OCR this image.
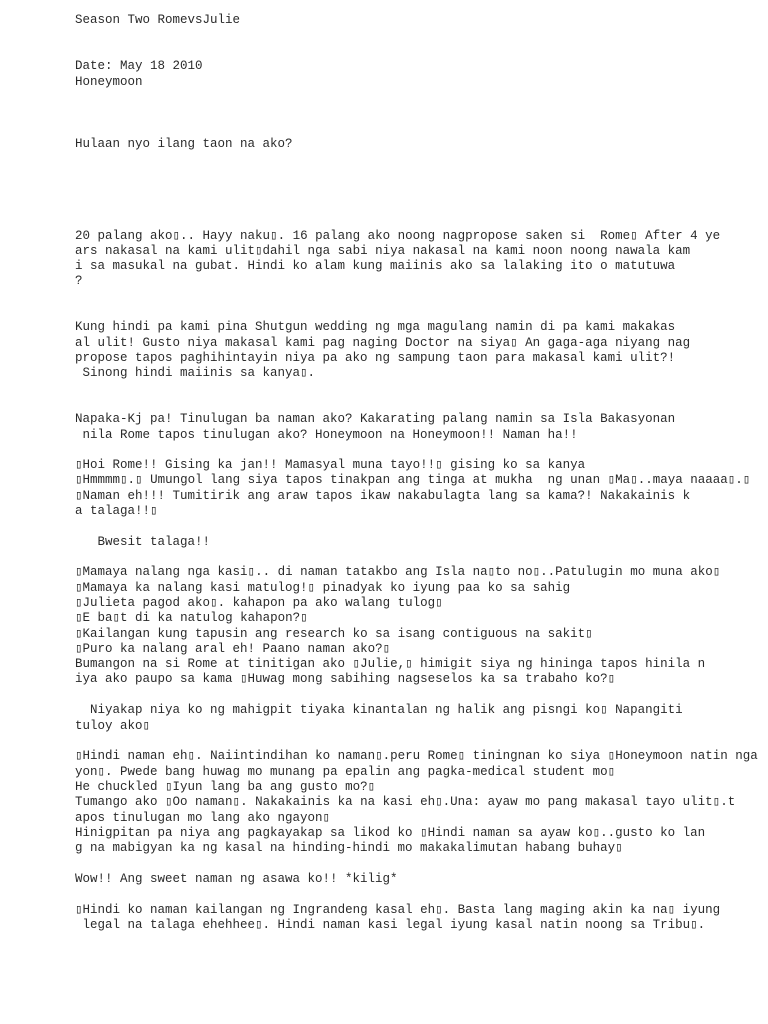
Season Two RomevsJulie
Date: May 18 2010
Honeymoon
Hulaan nyo ilang taon na ako?
20 palang ako▯.. Hayy naku▯. 16 palang ako noong nagpropose saken si  Rome▯ After 4 ye
ars nakasal na kami ulit▯dahil nga sabi niya nakasal na kami noon noong nawala kam
i sa masukal na gubat. Hindi ko alam kung maiinis ako sa lalaking ito o matutuwa
?
Kung hindi pa kami pina Shutgun wedding ng mga magulang namin di pa kami makakas
al ulit! Gusto niya makasal kami pag naging Doctor na siya▯ An gaga-aga niyang nag
propose tapos paghihintayin niya pa ako ng sampung taon para makasal kami ulit?!
Sinong hindi maiinis sa kanya▯.
Napaka-Kj pa! Tinulugan ba naman ako? Kakarating palang namin sa Isla Bakasyonan
nila Rome tapos tinulugan ako? Honeymoon na Honeymoon!! Naman ha!!
▯Hoi Rome!! Gising ka jan!! Mamasyal muna tayo!!▯ gising ko sa kanya
▯Hmmmm▯.▯ Umungol lang siya tapos tinakpan ang tinga at mukha  ng unan ▯Ma▯..maya naaaa▯.▯
▯Naman eh!!! Tumitirik ang araw tapos ikaw nakabulagta lang sa kama?! Nakakainis k
a talaga!!▯
Bwesit talaga!!
▯Mamaya nalang nga kasi▯.. di naman tatakbo ang Isla na▯to no▯..Patulugin mo muna ako▯
▯Mamaya ka nalang kasi matulog!▯ pinadyak ko iyung paa ko sa sahig
▯Julieta pagod ako▯. kahapon pa ako walang tulog▯
▯E ba▯t di ka natulog kahapon?▯
▯Kailangan kung tapusin ang research ko sa isang contiguous na sakit▯
▯Puro ka nalang aral eh! Paano naman ako?▯
Bumangon na si Rome at tinitigan ako ▯Julie,▯ himigit siya ng hininga tapos hinila n
iya ako paupo sa kama ▯Huwag mong sabihing nagseselos ka sa trabaho ko?▯
Niyakap niya ko ng mahigpit tiyaka kinantalan ng halik ang pisngi ko▯ Napangiti
tuloy ako▯
▯Hindi naman eh▯. Naiintindihan ko naman▯.peru Rome▯ tiningnan ko siya ▯Honeymoon natin nga
yon▯. Pwede bang huwag mo munang pa epalin ang pagka-medical student mo▯
He chuckled ▯Iyun lang ba ang gusto mo?▯
Tumango ako ▯Oo naman▯. Nakakainis ka na kasi eh▯.Una: ayaw mo pang makasal tayo ulit▯.t
apos tinulugan mo lang ako ngayon▯
Hinigpitan pa niya ang pagkayakap sa likod ko ▯Hindi naman sa ayaw ko▯..gusto ko lan
g na mabigyan ka ng kasal na hinding-hindi mo makakalimutan habang buhay▯
Wow!! Ang sweet naman ng asawa ko!! *kilig*
▯Hindi ko naman kailangan ng Ingrandeng kasal eh▯. Basta lang maging akin ka na▯ iyung
legal na talaga ehehhee▯. Hindi naman kasi legal iyung kasal natin noong sa Tribu▯.
